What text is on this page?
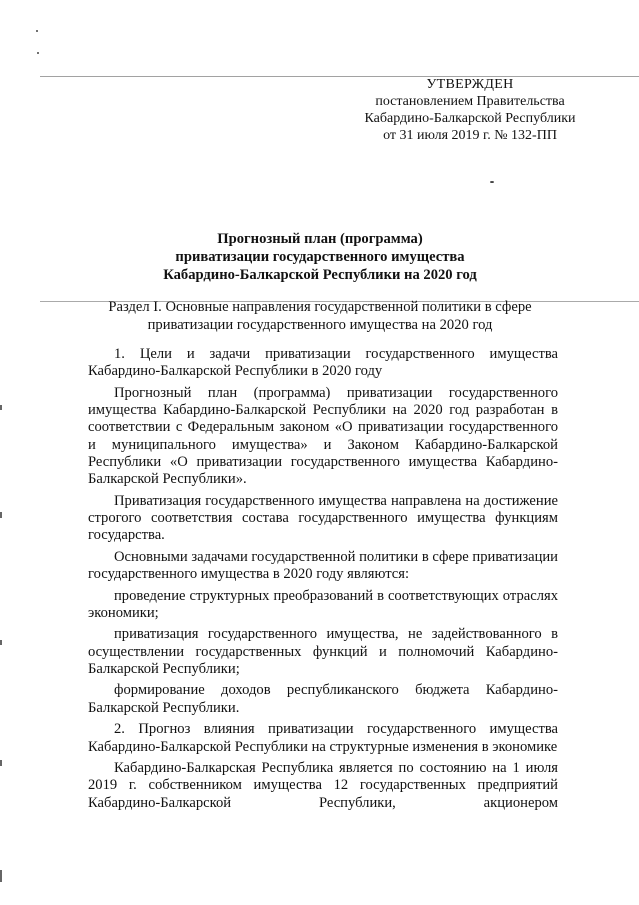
УТВЕРЖДЕН
постановлением Правительства
Кабардино-Балкарской Республики
от 31 июля 2019 г. № 132-ПП
Прогнозный план (программа)
приватизации государственного имущества
Кабардино-Балкарской Республики на 2020 год
Раздел I. Основные направления государственной политики в сфере
приватизации государственного имущества на 2020 год

1. Цели и задачи приватизации государственного имущества Кабардино-Балкарской Республики в 2020 году

Прогнозный план (программа) приватизации государственного имущества Кабардино-Балкарской Республики на 2020 год разработан в соответствии с Федеральным законом «О приватизации государственного и муниципального имущества» и Законом Кабардино-Балкарской Республики «О приватизации государственного имущества Кабардино-Балкарской Республики».

Приватизация государственного имущества направлена на достижение строгого соответствия состава государственного имущества функциям государства.

Основными задачами государственной политики в сфере приватизации государственного имущества в 2020 году являются:

проведение структурных преобразований в соответствующих отраслях экономики;

приватизация государственного имущества, не задействованного в осуществлении государственных функций и полномочий Кабардино-Балкарской Республики;

формирование доходов республиканского бюджета Кабардино-Балкарской Республики.

2. Прогноз влияния приватизации государственного имущества Кабардино-Балкарской Республики на структурные изменения в экономике

Кабардино-Балкарская Республика является по состоянию на 1 июля 2019 г. собственником имущества 12 государственных предприятий Кабардино-Балкарской Республики, акционером
